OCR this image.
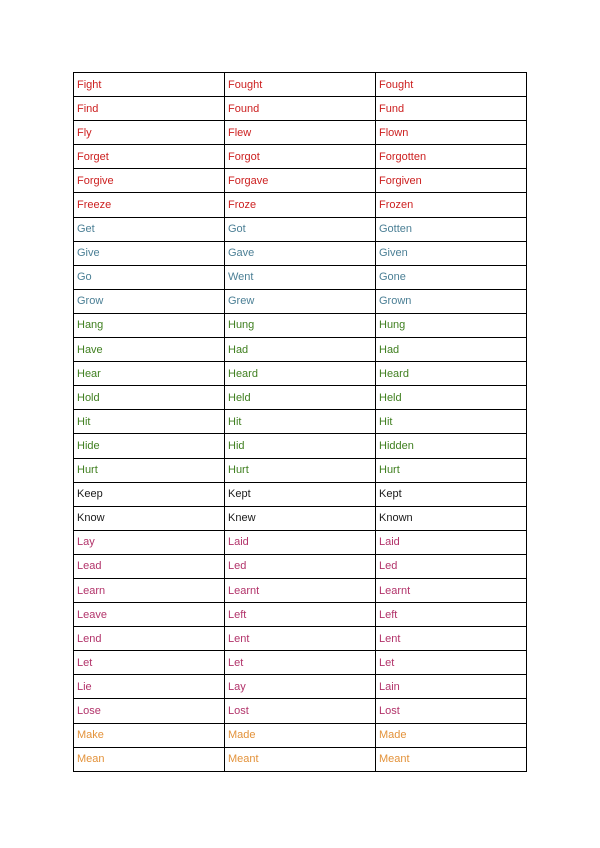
Fight	Fought	Fought
Find	Found	Fund
Fly	Flew	Flown
Forget	Forgot	Forgotten
Forgive	Forgave	Forgiven
Freeze	Froze	Frozen
Get	Got	Gotten
Give	Gave	Given
Go	Went	Gone
Grow	Grew	Grown
Hang	Hung	Hung
Have	Had	Had
Hear	Heard	Heard
Hold	Held	Held
Hit	Hit	Hit
Hide	Hid	Hidden
Hurt	Hurt	Hurt
Keep	Kept	Kept
Know	Knew	Known
Lay	Laid	Laid
Lead	Led	Led
Learn	Learnt	Learnt
Leave	Left	Left
Lend	Lent	Lent
Let	Let	Let
Lie	Lay	Lain
Lose	Lost	Lost
Make	Made	Made
Mean	Meant	Meant
